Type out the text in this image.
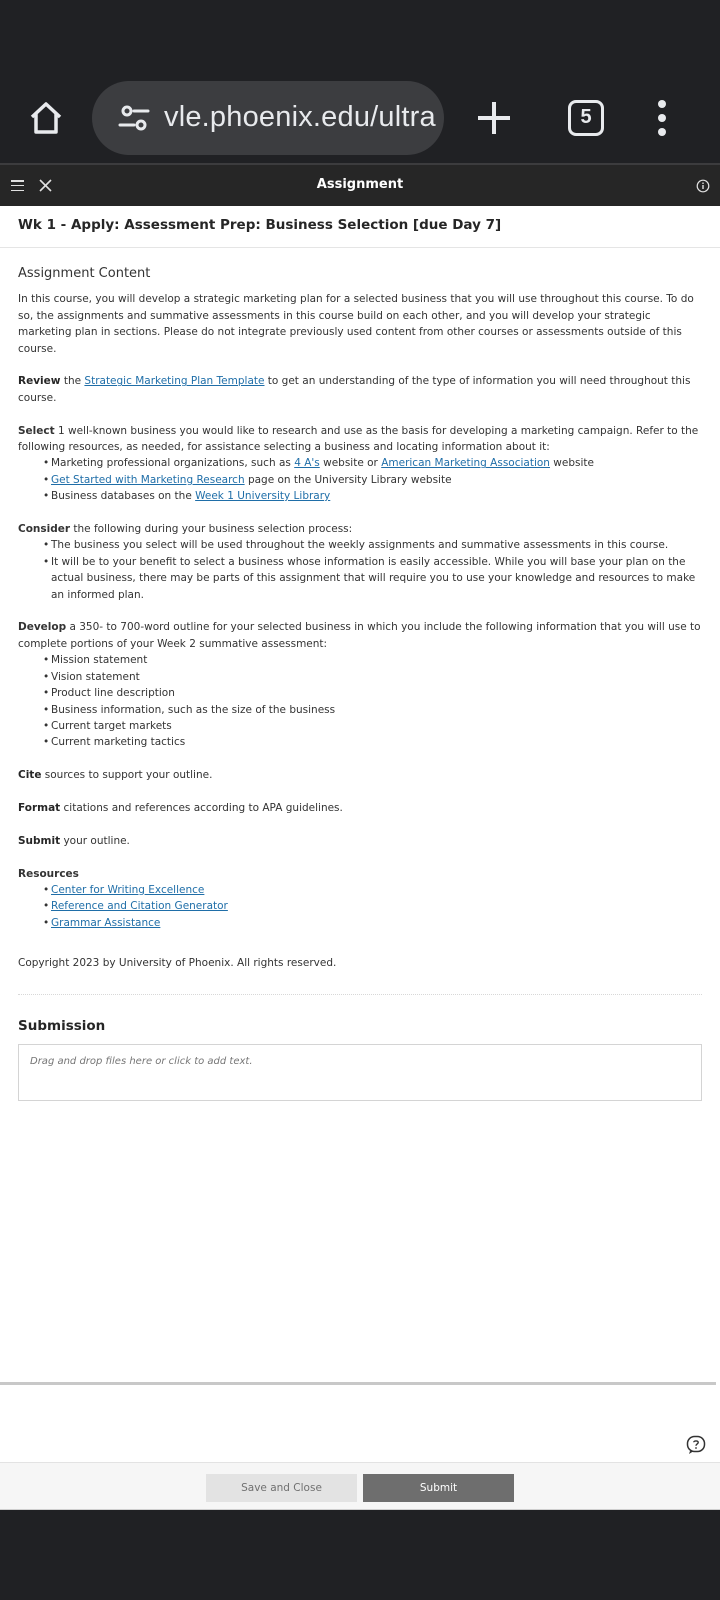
vle.phoenix.edu/ultra	5
Assignment
Wk 1 - Apply: Assessment Prep: Business Selection [due Day 7]
Assignment Content

In this course, you will develop a strategic marketing plan for a selected business that you will use throughout this course. To do so, the assignments and summative assessments in this course build on each other, and you will develop your strategic marketing plan in sections. Please do not integrate previously used content from other courses or assessments outside of this course.

Review the Strategic Marketing Plan Template to get an understanding of the type of information you will need throughout this course.

Select 1 well-known business you would like to research and use as the basis for developing a marketing campaign. Refer to the following resources, as needed, for assistance selecting a business and locating information about it:

• Marketing professional organizations, such as 4 A's website or American Marketing Association website
• Get Started with Marketing Research page on the University Library website
• Business databases on the Week 1 University Library

Consider the following during your business selection process:

• The business you select will be used throughout the weekly assignments and summative assessments in this course.
• It will be to your benefit to select a business whose information is easily accessible. While you will base your plan on the actual business, there may be parts of this assignment that will require you to use your knowledge and resources to make an informed plan.

Develop a 350- to 700-word outline for your selected business in which you include the following information that you will use to complete portions of your Week 2 summative assessment:

• Mission statement
• Vision statement
• Product line description
• Business information, such as the size of the business
• Current target markets
• Current marketing tactics

Cite sources to support your outline.

Format citations and references according to APA guidelines.

Submit your outline.

Resources

• Center for Writing Excellence
• Reference and Citation Generator
• Grammar Assistance
Copyright 2023 by University of Phoenix. All rights reserved.
Submission
Drag and drop files here or click to add text.
Save and Close	Submit
